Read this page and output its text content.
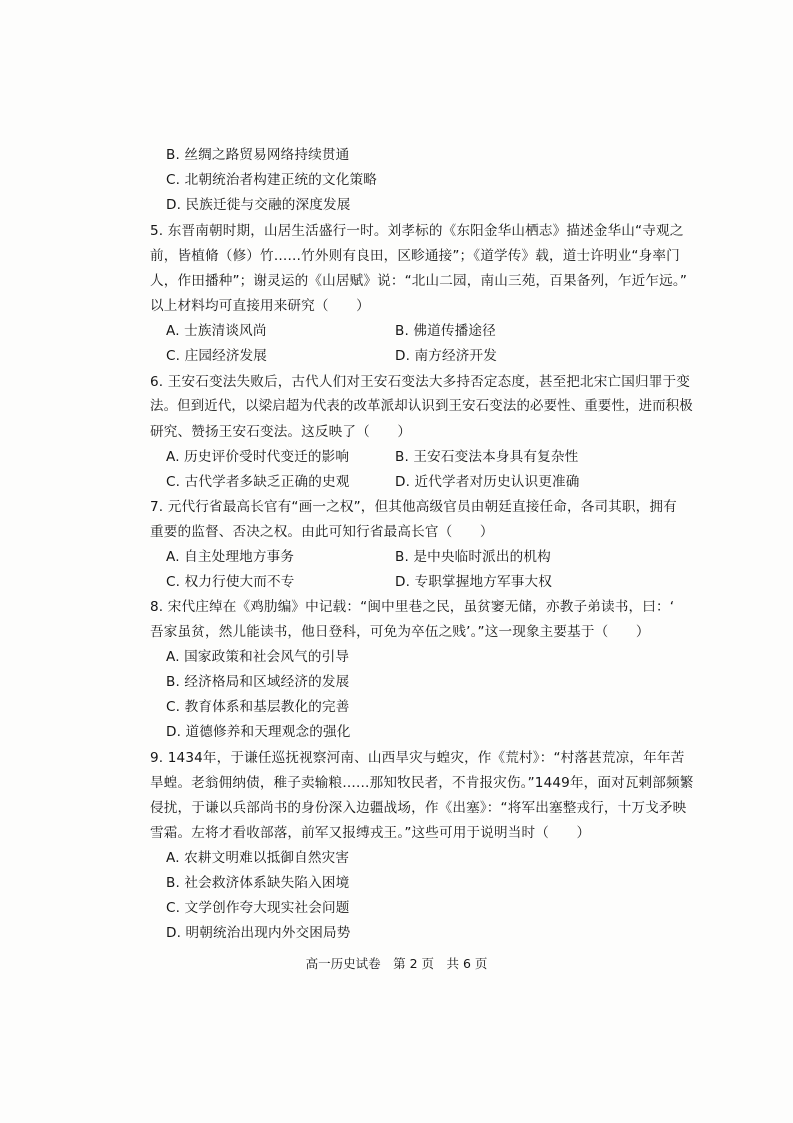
B. 丝绸之路贸易网络持续贯通
C. 北朝统治者构建正统的文化策略
D. 民族迁徙与交融的深度发展
5. 东晋南朝时期，山居生活盛行一时。刘孝标的《东阳金华山栖志》描述金华山“寺观之
前，皆植脩（修）竹……竹外则有良田，区畛通接”；《道学传》载，道士许明业“身率门
人，作田播种”；谢灵运的《山居赋》说：“北山二园，南山三苑，百果备列，乍近乍远。”
以上材料均可直接用来研究（　　）
A. 士族清谈风尚	B. 佛道传播途径
C. 庄园经济发展	D. 南方经济开发
6. 王安石变法失败后，古代人们对王安石变法大多持否定态度，甚至把北宋亡国归罪于变
法。但到近代，以梁启超为代表的改革派却认识到王安石变法的必要性、重要性，进而积极
研究、赞扬王安石变法。这反映了（　　）
A. 历史评价受时代变迁的影响	B. 王安石变法本身具有复杂性
C. 古代学者多缺乏正确的史观	D. 近代学者对历史认识更准确
7. 元代行省最高长官有“画一之权”，但其他高级官员由朝廷直接任命，各司其职，拥有
重要的监督、否决之权。由此可知行省最高长官（　　）
A. 自主处理地方事务	B. 是中央临时派出的机构
C. 权力行使大而不专	D. 专职掌握地方军事大权
8. 宋代庄绰在《鸡肋编》中记载：“闽中里巷之民，虽贫窭无储，亦教子弟读书，曰：‘
吾家虽贫，然儿能读书，他日登科，可免为卒伍之贱’。”这一现象主要基于（　　）
A. 国家政策和社会风气的引导
B. 经济格局和区域经济的发展
C. 教育体系和基层教化的完善
D. 道德修养和天理观念的强化
9. 1434年，于谦任巡抚视察河南、山西旱灾与蝗灾，作《荒村》：“村落甚荒凉，年年苦
旱蝗。老翁佣纳债，稚子卖输粮……那知牧民者，不肯报灾伤。”1449年，面对瓦剌部频繁
侵扰，于谦以兵部尚书的身份深入边疆战场，作《出塞》：“将军出塞整戎行，十万戈矛映
雪霜。左将才看收部落，前军又报缚戎王。”这些可用于说明当时（　　）
A. 农耕文明难以抵御自然灾害
B. 社会救济体系缺失陷入困境
C. 文学创作夸大现实社会问题
D. 明朝统治出现内外交困局势
高一历史试卷　第 2 页　共 6 页
